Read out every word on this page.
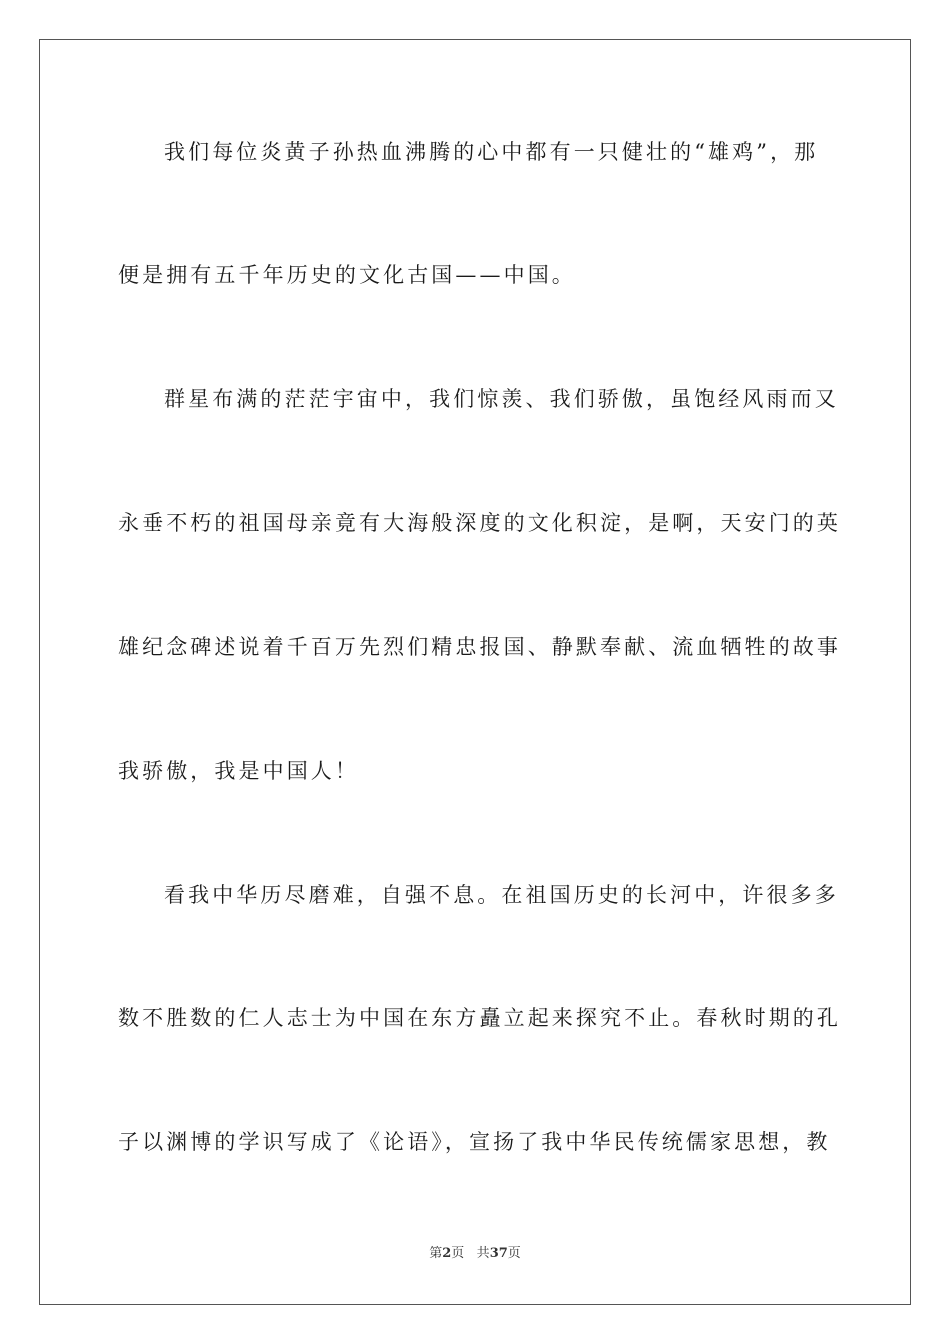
我们每位炎黄子孙热血沸腾的心中都有一只健壮的“雄鸡”，那
便是拥有五千年历史的文化古国——中国。
群星布满的茫茫宇宙中，我们惊羡、我们骄傲，虽饱经风雨而又
永垂不朽的祖国母亲竟有大海般深度的文化积淀，是啊，天安门的英
雄纪念碑述说着千百万先烈们精忠报国、静默奉献、流血牺牲的故事
我骄傲，我是中国人！
看我中华历尽磨难，自强不息。在祖国历史的长河中，许很多多
数不胜数的仁人志士为中国在东方矗立起来探究不止。春秋时期的孔
子以渊博的学识写成了《论语》，宣扬了我中华民传统儒家思想，教
第2页 共37页
